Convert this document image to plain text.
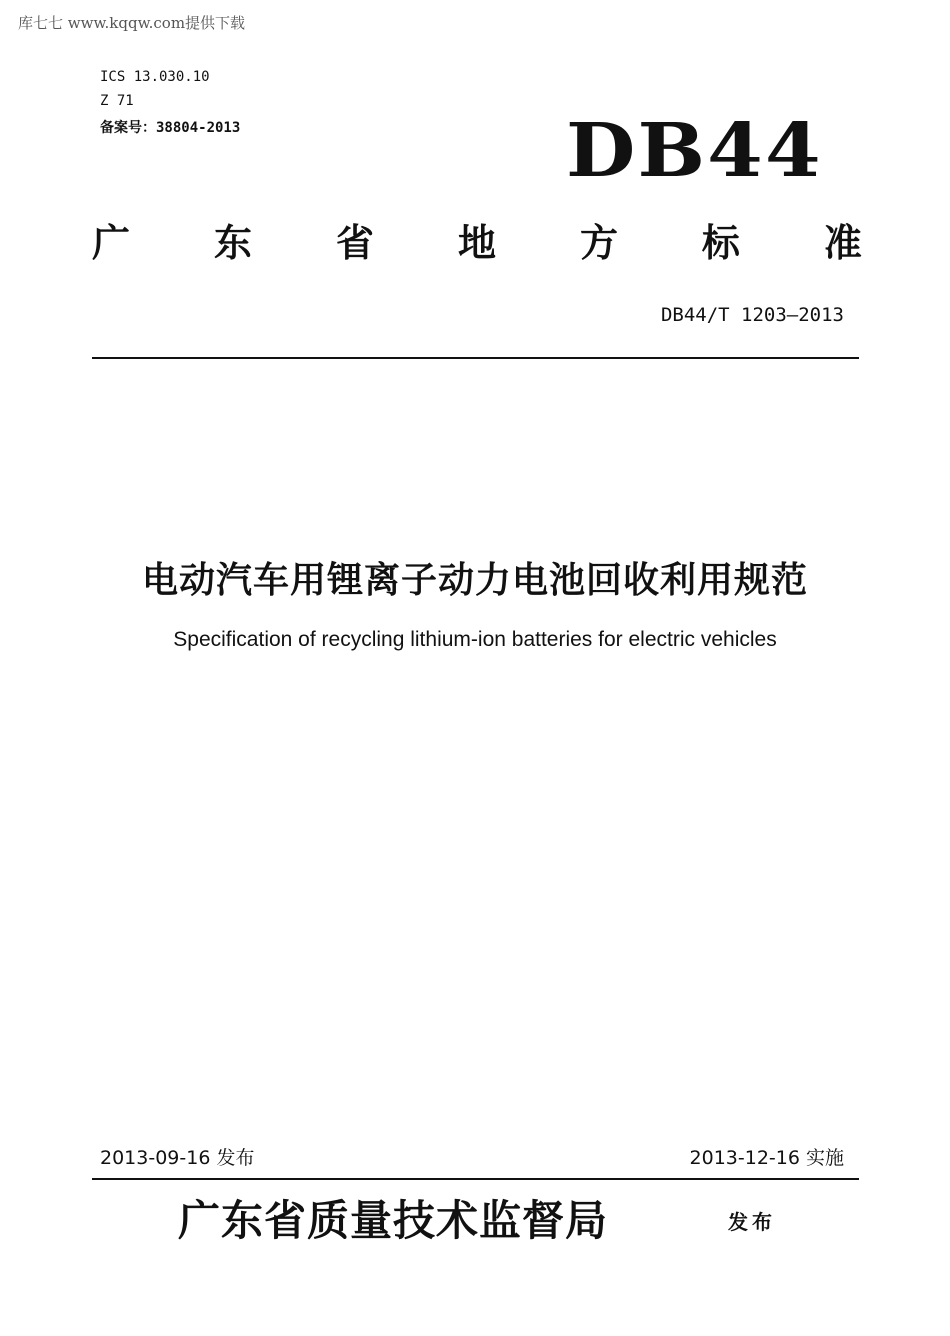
库七七 www.kqqw.com提供下载
ICS 13.030.10
Z 71
备案号：38804-2013	DB44
广 东 省 地 方 标 准
DB44/T 1203—2013
电动汽车用锂离子动力电池回收利用规范
Specification of recycling lithium-ion batteries for electric vehicles
2013-09-16 发布	2013-12-16 实施
广东省质量技术监督局	发布
